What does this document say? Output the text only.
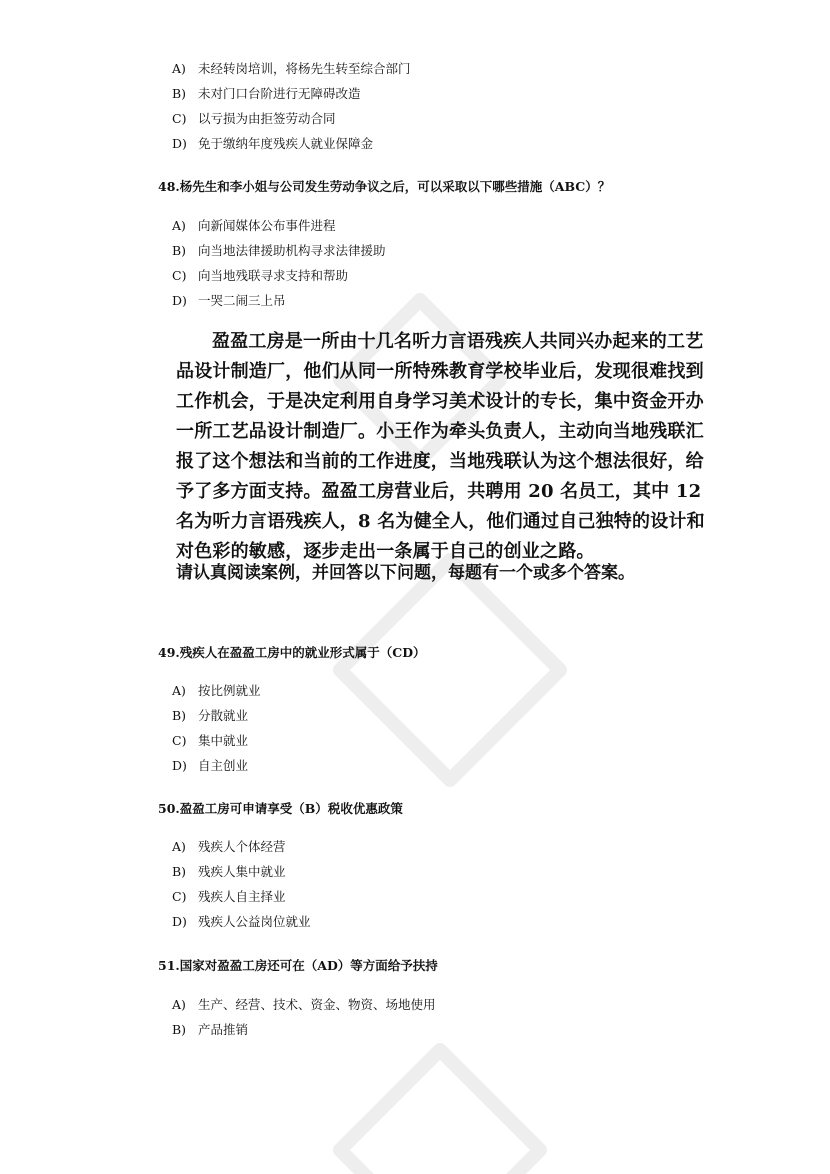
A) 未经转岗培训，将杨先生转至综合部门
B) 未对门口台阶进行无障碍改造
C) 以亏损为由拒签劳动合同
D) 免于缴纳年度残疾人就业保障金
48.杨先生和李小姐与公司发生劳动争议之后，可以采取以下哪些措施（ABC）？
A) 向新闻媒体公布事件进程
B) 向当地法律援助机构寻求法律援助
C) 向当地残联寻求支持和帮助
D) 一哭二闹三上吊

盈盈工房是一所由十几名听力言语残疾人共同兴办起来的工艺品设计制造厂，他们从同一所特殊教育学校毕业后，发现很难找到工作机会，于是决定利用自身学习美术设计的专长，集中资金开办一所工艺品设计制造厂。小王作为牵头负责人，主动向当地残联汇报了这个想法和当前的工作进度，当地残联认为这个想法很好，给予了多方面支持。盈盈工房营业后，共聘用 20 名员工，其中 12 名为听力言语残疾人，8 名为健全人，他们通过自己独特的设计和对色彩的敏感，逐步走出一条属于自己的创业之路。

请认真阅读案例，并回答以下问题，每题有一个或多个答案。

49.残疾人在盈盈工房中的就业形式属于（CD）
A) 按比例就业
B) 分散就业
C) 集中就业
D) 自主创业
50.盈盈工房可申请享受（B）税收优惠政策
A) 残疾人个体经营
B) 残疾人集中就业
C) 残疾人自主择业
D) 残疾人公益岗位就业
51.国家对盈盈工房还可在（AD）等方面给予扶持
A) 生产、经营、技术、资金、物资、场地使用
B) 产品推销
